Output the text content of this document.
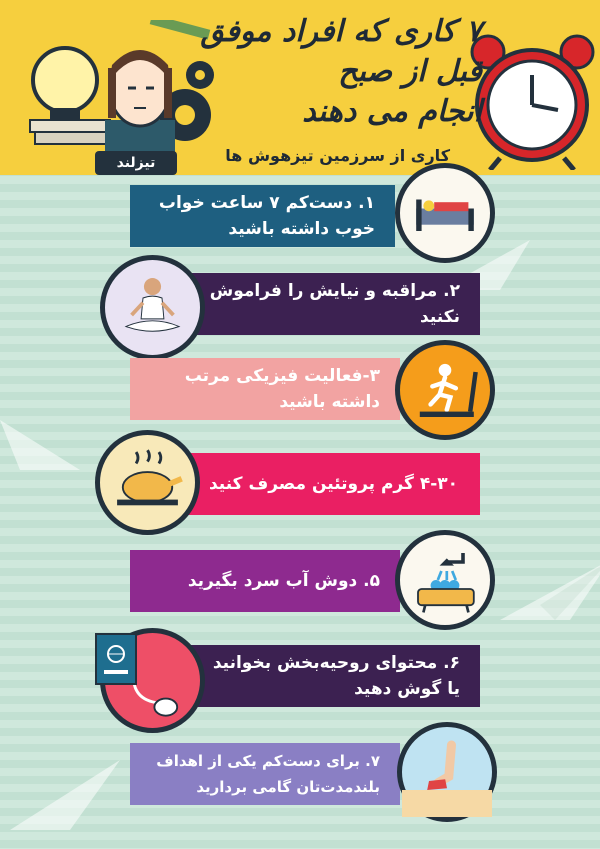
۷ کاری که افراد موفق
قبل از صبح
انجام می دهند
کاری از سرزمین تیزهوش ها
تیزلند
۱. دست‌کم ۷ ساعت خواب
خوب داشته باشید
۲. مراقبه و نیایش را فراموش
نکنید
۳-فعالیت فیزیکی مرتب
داشته باشید
۴-۳۰ گرم پروتئین مصرف کنید
۵. دوش آب سرد بگیرید
۶. محتوای روحیه‌بخش بخوانید
یا گوش دهید
۷. برای دست‌کم یکی از اهداف
بلندمدت‌تان گامی بردارید
